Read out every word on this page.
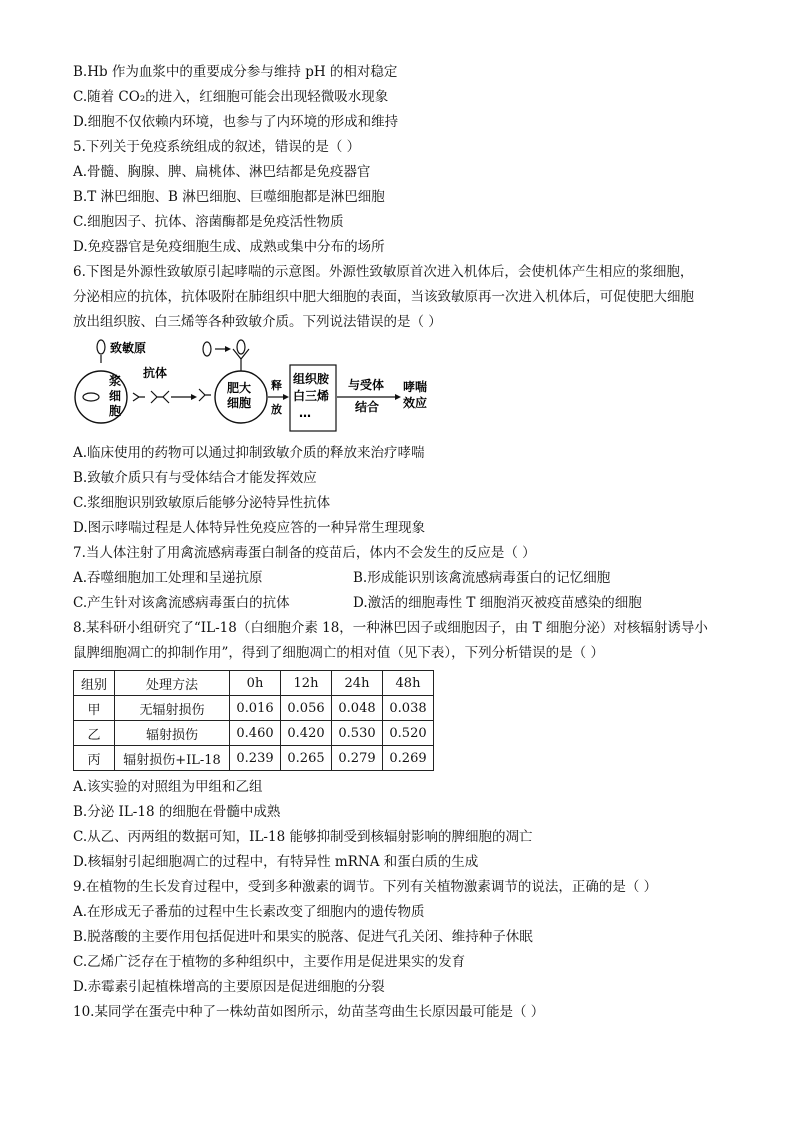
B.Hb 作为血浆中的重要成分参与维持 pH 的相对稳定
C.随着 CO₂的进入，红细胞可能会出现轻微吸水现象
D.细胞不仅依赖内环境，也参与了内环境的形成和维持
5.下列关于免疫系统组成的叙述，错误的是（ ）
A.骨髓、胸腺、脾、扁桃体、淋巴结都是免疫器官
B.T 淋巴细胞、B 淋巴细胞、巨噬细胞都是淋巴细胞
C.细胞因子、抗体、溶菌酶都是免疫活性物质
D.免疫器官是免疫细胞生成、成熟或集中分布的场所
6.下图是外源性致敏原引起哮喘的示意图。外源性致敏原首次进入机体后，会使机体产生相应的浆细胞，
分泌相应的抗体，抗体吸附在肺组织中肥大细胞的表面，当该致敏原再一次进入机体后，可促使肥大细胞
放出组织胺、白三烯等各种致敏介质。下列说法错误的是（ ）
致敏原
浆
细
胞
抗体
肥大
细胞
释
放
组织胺
白三烯
…
与受体
结合
哮喘
效应
A.临床使用的药物可以通过抑制致敏介质的释放来治疗哮喘
B.致敏介质只有与受体结合才能发挥效应
C.浆细胞识别致敏原后能够分泌特异性抗体
D.图示哮喘过程是人体特异性免疫应答的一种异常生理现象
7.当人体注射了用禽流感病毒蛋白制备的疫苗后，体内不会发生的反应是（ ）
A.吞噬细胞加工处理和呈递抗原	B.形成能识别该禽流感病毒蛋白的记忆细胞
C.产生针对该禽流感病毒蛋白的抗体	D.激活的细胞毒性 T 细胞消灭被疫苗感染的细胞
8.某科研小组研究了“IL-18（白细胞介素 18，一种淋巴因子或细胞因子，由 T 细胞分泌）对核辐射诱导小
鼠脾细胞凋亡的抑制作用”，得到了细胞凋亡的相对值（见下表），下列分析错误的是（ ）
组别	处理方法	0h	12h	24h	48h
甲	无辐射损伤	0.016	0.056	0.048	0.038
乙	辐射损伤	0.460	0.420	0.530	0.520
丙	辐射损伤+IL-18	0.239	0.265	0.279	0.269
A.该实验的对照组为甲组和乙组
B.分泌 IL-18 的细胞在骨髓中成熟
C.从乙、丙两组的数据可知，IL-18 能够抑制受到核辐射影响的脾细胞的凋亡
D.核辐射引起细胞凋亡的过程中，有特异性 mRNA 和蛋白质的生成
9.在植物的生长发育过程中，受到多种激素的调节。下列有关植物激素调节的说法，正确的是（ ）
A.在形成无子番茄的过程中生长素改变了细胞内的遗传物质
B.脱落酸的主要作用包括促进叶和果实的脱落、促进气孔关闭、维持种子休眠
C.乙烯广泛存在于植物的多种组织中，主要作用是促进果实的发育
D.赤霉素引起植株增高的主要原因是促进细胞的分裂
10.某同学在蛋壳中种了一株幼苗如图所示，幼苗茎弯曲生长原因最可能是（ ）
